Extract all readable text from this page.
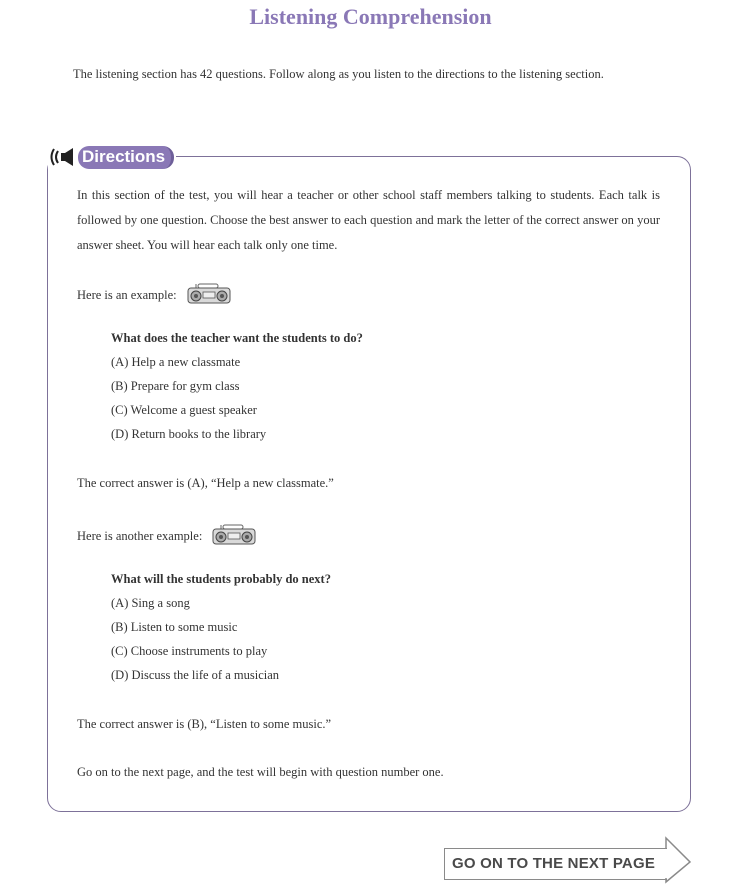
Listening Comprehension
The listening section has 42 questions. Follow along as you listen to the directions to the listening section.
Directions
In this section of the test, you will hear a teacher or other school staff members talking to students. Each talk is followed by one question. Choose the best answer to each question and mark the letter of the correct answer on your answer sheet. You will hear each talk only one time.
Here is an example:
What does the teacher want the students to do?
(A) Help a new classmate
(B) Prepare for gym class
(C) Welcome a guest speaker
(D) Return books to the library
The correct answer is (A), “Help a new classmate.”
Here is another example:
What will the students probably do next?
(A) Sing a song
(B) Listen to some music
(C) Choose instruments to play
(D) Discuss the life of a musician
The correct answer is (B), “Listen to some music.”
Go on to the next page, and the test will begin with question number one.
GO ON TO THE NEXT PAGE
